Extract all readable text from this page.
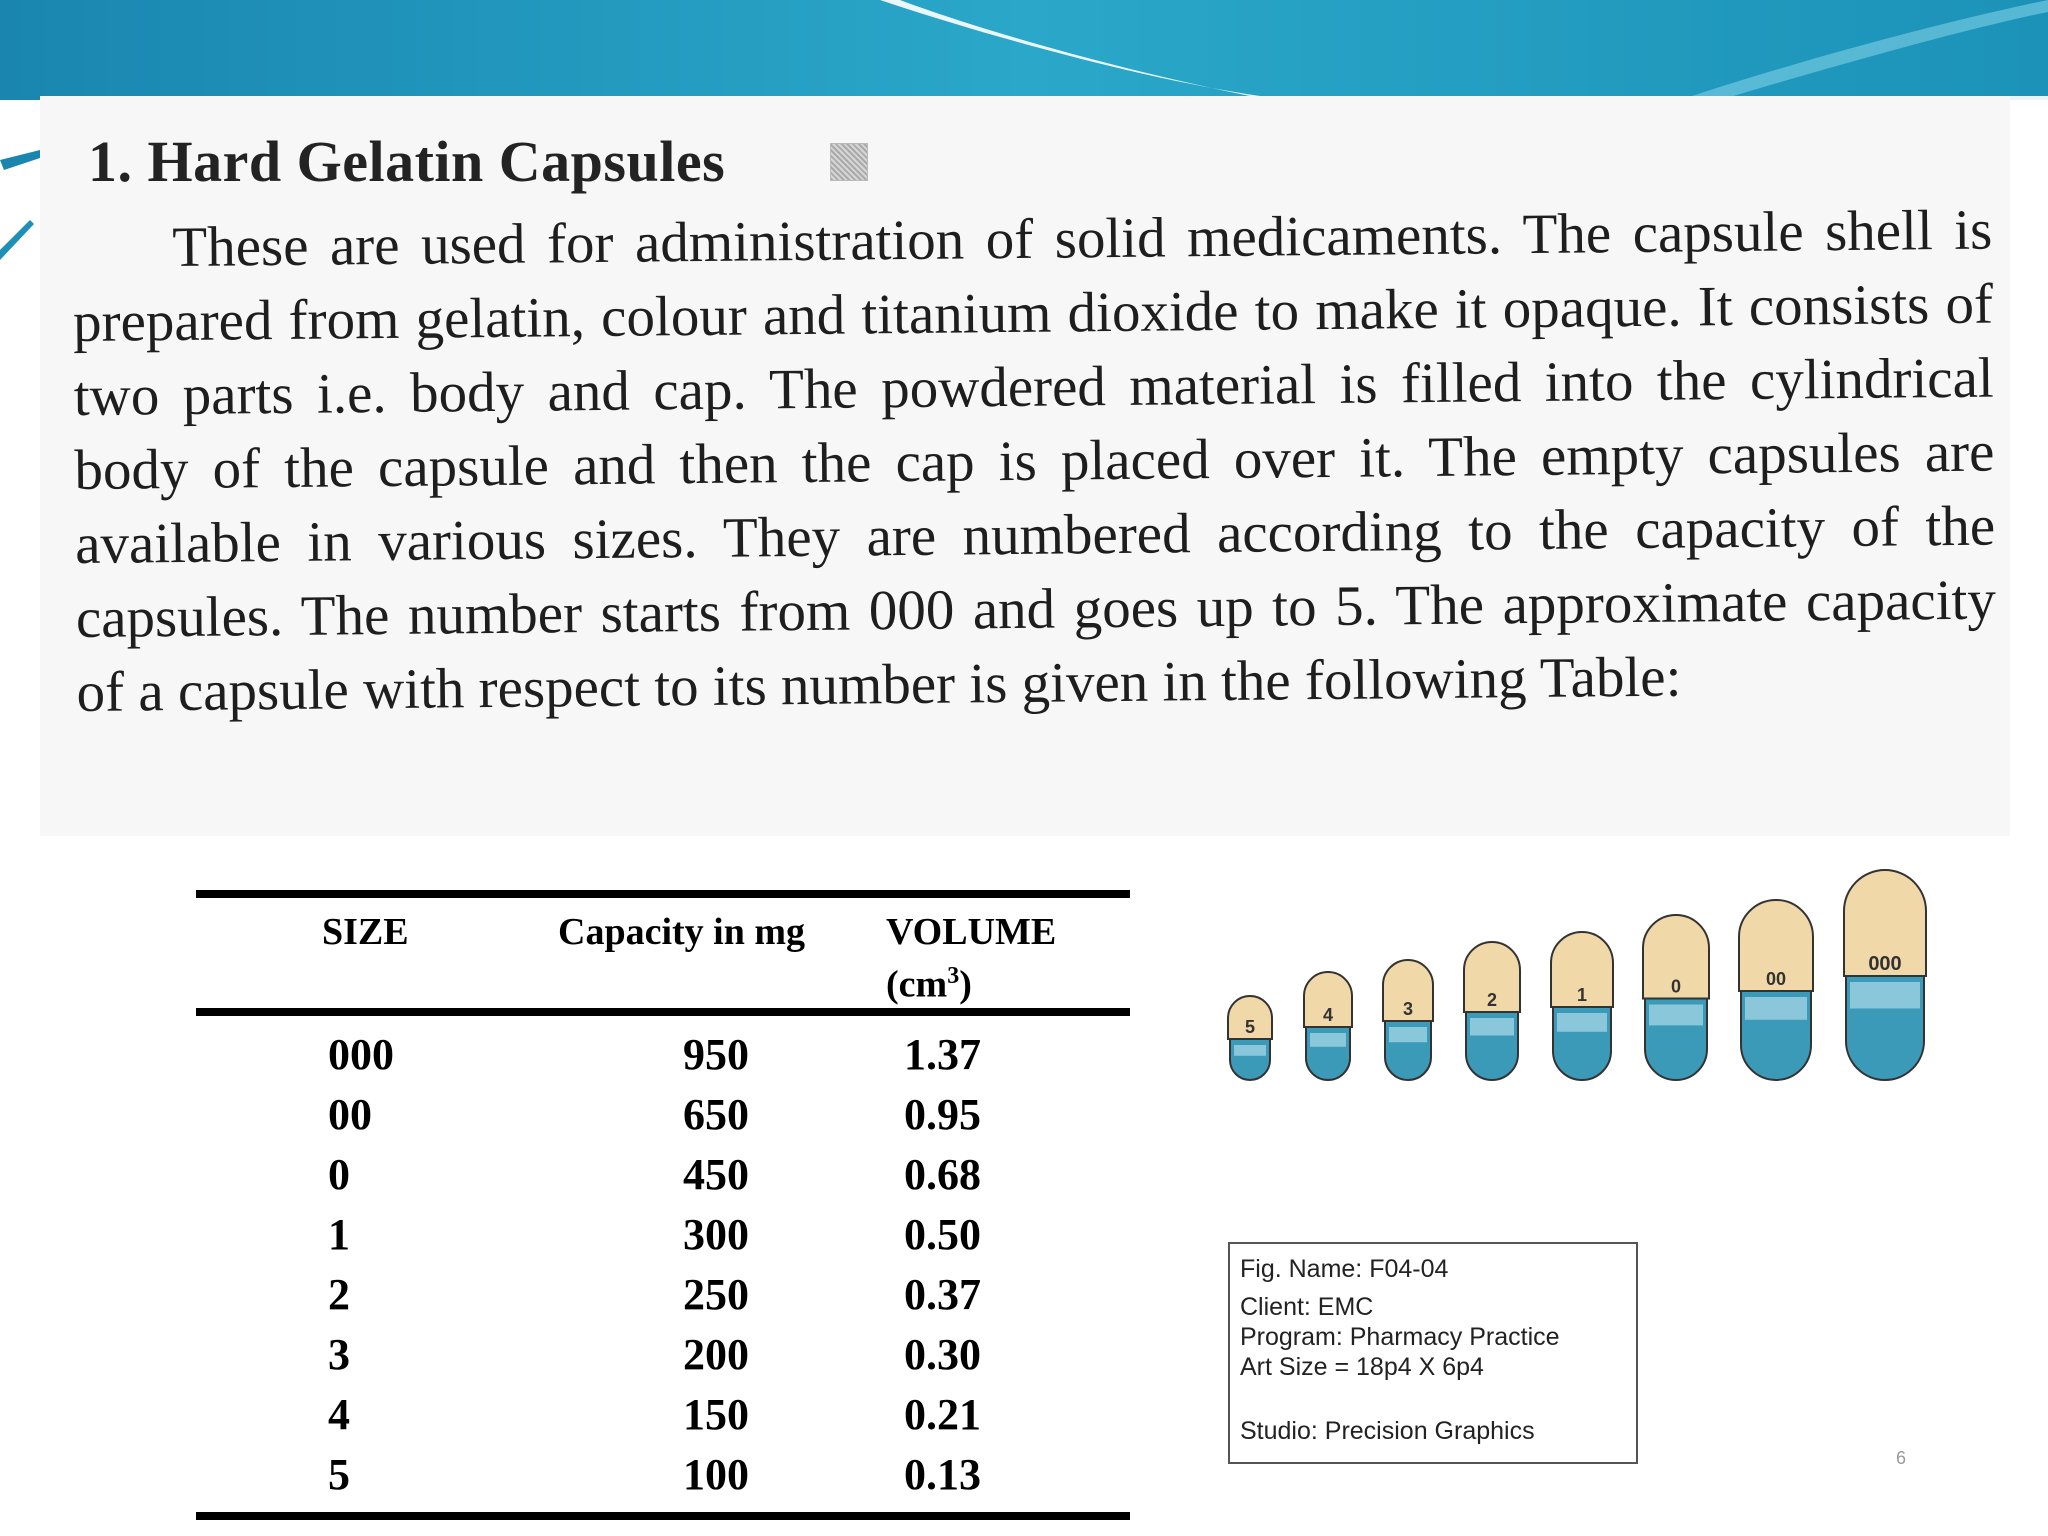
1. Hard Gelatin Capsules
These are used for administration of solid medicaments. The capsule shell is prepared from gelatin, colour and titanium dioxide to make it opaque. It consists of two parts i.e. body and cap. The powdered material is filled into the cylindrical body of the capsule and then the cap is placed over it. The empty capsules are available in various sizes. They are numbered according to the capacity of the capsules. The number starts from 000 and goes up to 5. The approximate capacity of a capsule with respect to its number is given in the following Table:
SIZE	Capacity in mg	VOLUME
$(cm^3)$
000	950	1.37
00	650	0.95
0	450	0.68
1	300	0.50
2	250	0.37
3	200	0.30
4	150	0.21
5	100	0.13
5
4	3	2	1	0	00
000
Fig. Name: F04-04
Client: EMC
Program: Pharmacy Practice
Art Size = 18p4 X 6p4
Studio: Precision Graphics
6
